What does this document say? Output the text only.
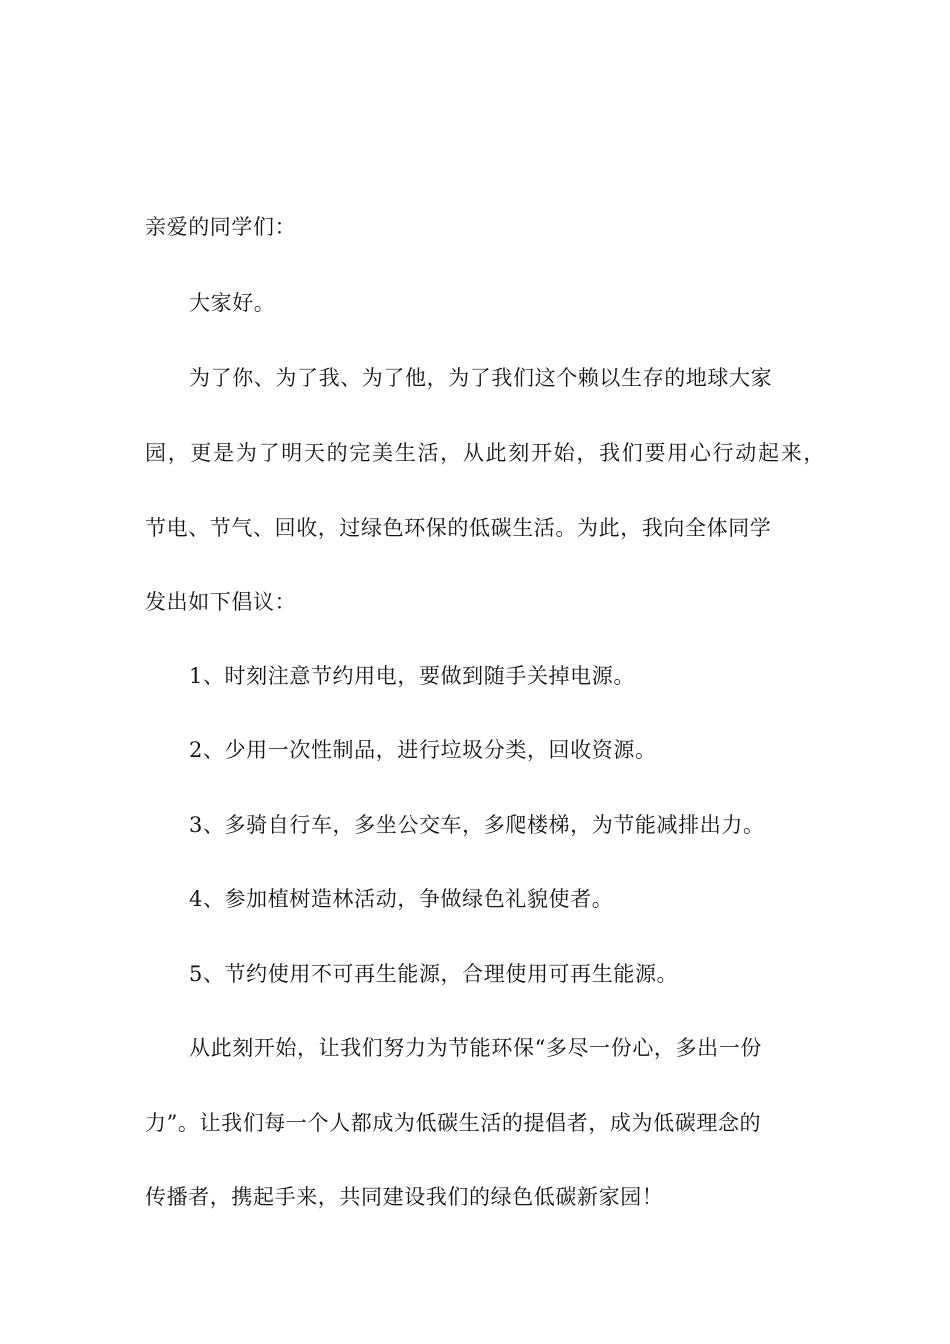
亲爱的同学们：
大家好。
为了你、为了我、为了他，为了我们这个赖以生存的地球大家
园，更是为了明天的完美生活，从此刻开始，我们要用心行动起来，
节电、节气、回收，过绿色环保的低碳生活。为此，我向全体同学
发出如下倡议：
1、时刻注意节约用电，要做到随手关掉电源。
2、少用一次性制品，进行垃圾分类，回收资源。
3、多骑自行车，多坐公交车，多爬楼梯，为节能减排出力。
4、参加植树造林活动，争做绿色礼貌使者。
5、节约使用不可再生能源，合理使用可再生能源。
从此刻开始，让我们努力为节能环保“多尽一份心，多出一份
力”。让我们每一个人都成为低碳生活的提倡者，成为低碳理念的
传播者，携起手来，共同建设我们的绿色低碳新家园！
